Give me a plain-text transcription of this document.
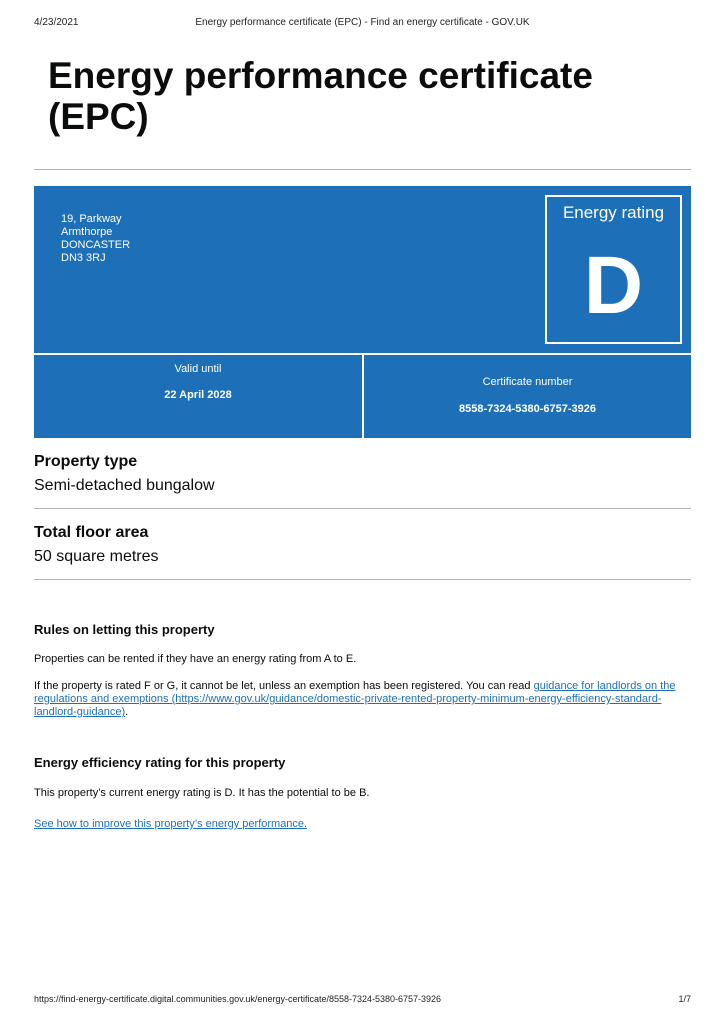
4/23/2021	Energy performance certificate (EPC) - Find an energy certificate - GOV.UK
Energy performance certificate (EPC)
19, Parkway
Armthorpe
DONCASTER
DN3 3RJ
Energy rating
D
Valid until
22 April 2028
Certificate number
8558-7324-5380-6757-3926
Property type
Semi-detached bungalow
Total floor area
50 square metres
Rules on letting this property
Properties can be rented if they have an energy rating from A to E.
If the property is rated F or G, it cannot be let, unless an exemption has been registered. You can read guidance for landlords on the regulations and exemptions (https://www.gov.uk/guidance/domestic-private-rented-property-minimum-energy-efficiency-standard-landlord-guidance).
Energy efficiency rating for this property
This property’s current energy rating is D. It has the potential to be B.
See how to improve this property’s energy performance.
https://find-energy-certificate.digital.communities.gov.uk/energy-certificate/8558-7324-5380-6757-3926	1/7
